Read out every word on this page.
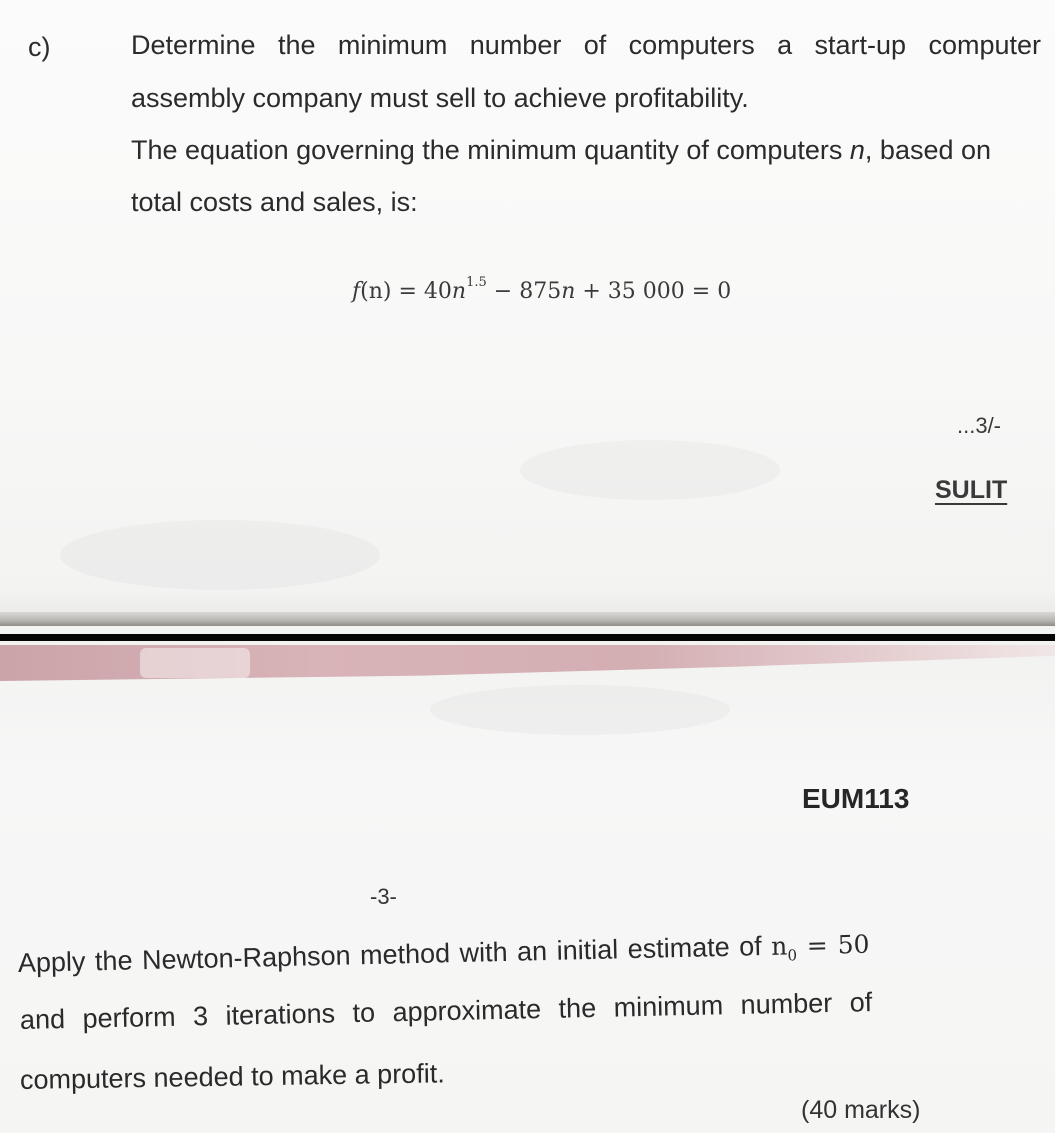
c)	Determine the minimum number of computers a start-up computer
assembly company must sell to achieve profitability.
The equation governing the minimum quantity of computers n, based on
total costs and sales, is:
$f(n) = 40n^{1.5} - 875n + 35$ 000 = 0
...3/-
SULIT
EUM113
-3-
Apply the Newton-Raphson method with an initial estimate of $n_0 = 50$
and perform 3 iterations to approximate the minimum number of
computers needed to make a profit.
(40 marks)
